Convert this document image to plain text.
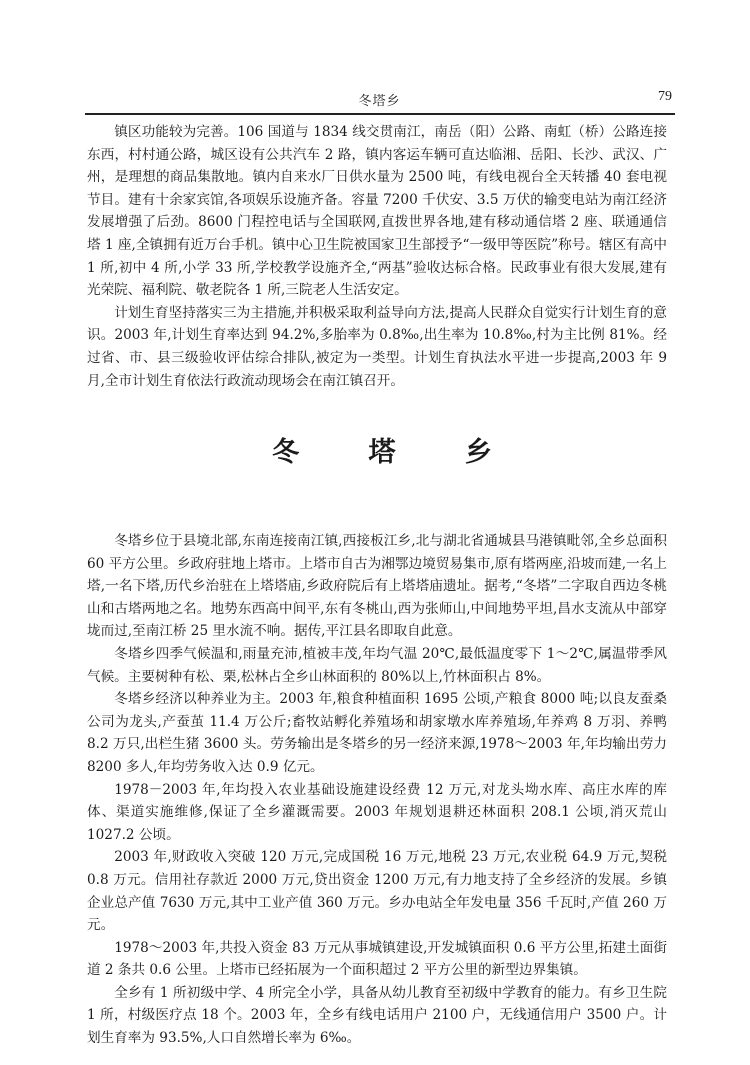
冬塔乡	79

镇区功能较为完善。106 国道与 1834 线交贯南江，南岳（阳）公路、南虹（桥）公路连接东西，村村通公路，城区设有公共汽车 2 路，镇内客运车辆可直达临湘、岳阳、长沙、武汉、广州，是理想的商品集散地。镇内自来水厂日供水量为 2500 吨，有线电视台全天转播 40 套电视节目。建有十余家宾馆,各项娱乐设施齐备。容量 7200 千伏安、3.5 万伏的输变电站为南江经济发展增强了后劲。8600 门程控电话与全国联网,直拨世界各地,建有移动通信塔 2 座、联通通信塔 1 座,全镇拥有近万台手机。镇中心卫生院被国家卫生部授予“一级甲等医院”称号。辖区有高中 1 所,初中 4 所,小学 33 所,学校教学设施齐全,“两基”验收达标合格。民政事业有很大发展,建有光荣院、福利院、敬老院各 1 所,三院老人生活安定。

计划生育坚持落实三为主措施,并积极采取利益导向方法,提高人民群众自觉实行计划生育的意识。2003 年,计划生育率达到 94.2%,多胎率为 0.8‰,出生率为 10.8‰,村为主比例 81%。经过省、市、县三级验收评估综合排队,被定为一类型。计划生育执法水平进一步提高,2003 年 9 月,全市计划生育依法行政流动现场会在南江镇召开。

冬 塔 乡

冬塔乡位于县境北部,东南连接南江镇,西接板江乡,北与湖北省通城县马港镇毗邻,全乡总面积 60 平方公里。乡政府驻地上塔市。上塔市自古为湘鄂边境贸易集市,原有塔两座,沿坡而建,一名上塔,一名下塔,历代乡治驻在上塔塔庙,乡政府院后有上塔塔庙遗址。据考,“冬塔”二字取自西边冬桃山和古塔两地之名。地势东西高中间平,东有冬桃山,西为张师山,中间地势平坦,昌水支流从中部穿垅而过,至南江桥 25 里水流不响。据传,平江县名即取自此意。

冬塔乡四季气候温和,雨量充沛,植被丰茂,年均气温 20℃,最低温度零下 1～2℃,属温带季风气候。主要树种有松、栗,松林占全乡山林面积的 80%以上,竹林面积占 8%。

冬塔乡经济以种养业为主。2003 年,粮食种植面积 1695 公顷,产粮食 8000 吨;以良友蚕桑公司为龙头,产蚕茧 11.4 万公斤;畜牧站孵化养殖场和胡家墩水库养殖场,年养鸡 8 万羽、养鸭 8.2 万只,出栏生猪 3600 头。劳务输出是冬塔乡的另一经济来源,1978～2003 年,年均输出劳力 8200 多人,年均劳务收入达 0.9 亿元。

1978－2003 年,年均投入农业基础设施建设经费 12 万元,对龙头坳水库、高庄水库的库体、渠道实施维修,保证了全乡灌溉需要。2003 年规划退耕还林面积 208.1 公顷,消灭荒山 1027.2 公顷。

2003 年,财政收入突破 120 万元,完成国税 16 万元,地税 23 万元,农业税 64.9 万元,契税 0.8 万元。信用社存款近 2000 万元,贷出资金 1200 万元,有力地支持了全乡经济的发展。乡镇企业总产值 7630 万元,其中工业产值 360 万元。乡办电站全年发电量 356 千瓦时,产值 260 万元。

1978～2003 年,共投入资金 83 万元从事城镇建设,开发城镇面积 0.6 平方公里,拓建土面街道 2 条共 0.6 公里。上塔市已经拓展为一个面积超过 2 平方公里的新型边界集镇。

全乡有 1 所初级中学、4 所完全小学，具备从幼儿教育至初级中学教育的能力。有乡卫生院 1 所，村级医疗点 18 个。2003 年，全乡有线电话用户 2100 户，无线通信用户 3500 户。计划生育率为 93.5%,人口自然增长率为 6‰。
